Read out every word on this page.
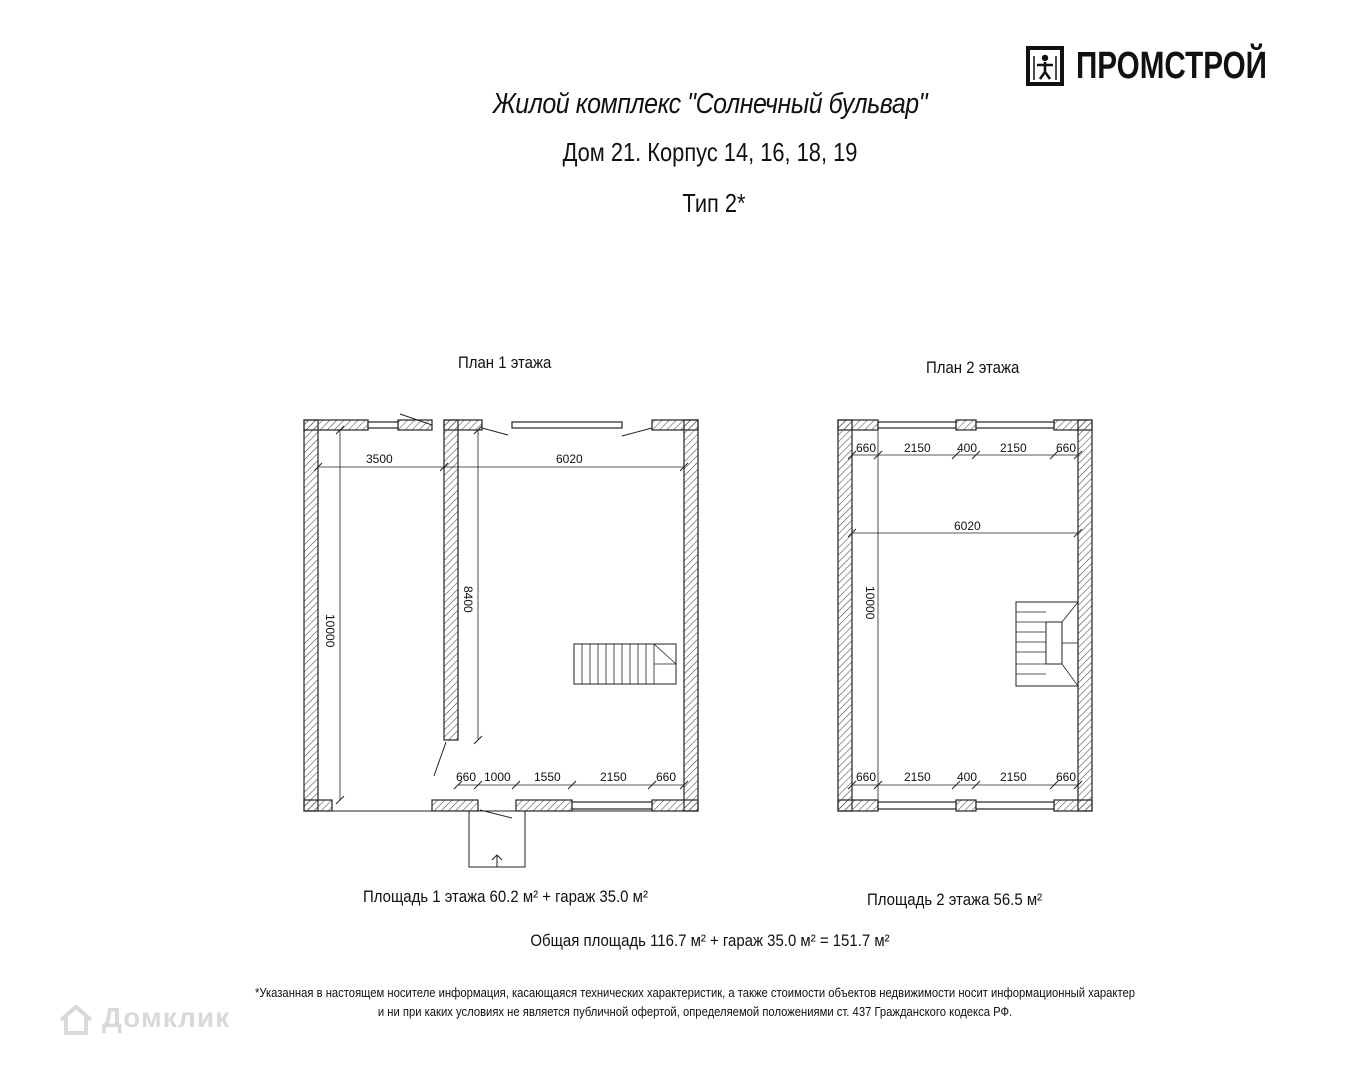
Жилой комплекс "Солнечный бульвар"
Дом 21. Корпус 14, 16, 18, 19
Тип 2*
ПРОМСТРОЙ
План 1 этажа	План 2 этажа
3500	6020
10000
8400
660 1000 1550	2150 660
660 2150 400 2150 660
6020
10000
660 2150 400 2150 660
Площадь 1 этажа 60.2 м² + гараж 35.0 м²	Площадь 2 этажа 56.5 м²
Общая площадь 116.7 м² + гараж 35.0 м² = 151.7 м²
*Указанная в настоящем носителе информация, касающаяся технических характеристик, а также стоимости объектов недвижимости носит информационный характер
и ни при каких условиях не является публичной офертой, определяемой положениями ст. 437 Гражданского кодекса РФ.
Домклик
